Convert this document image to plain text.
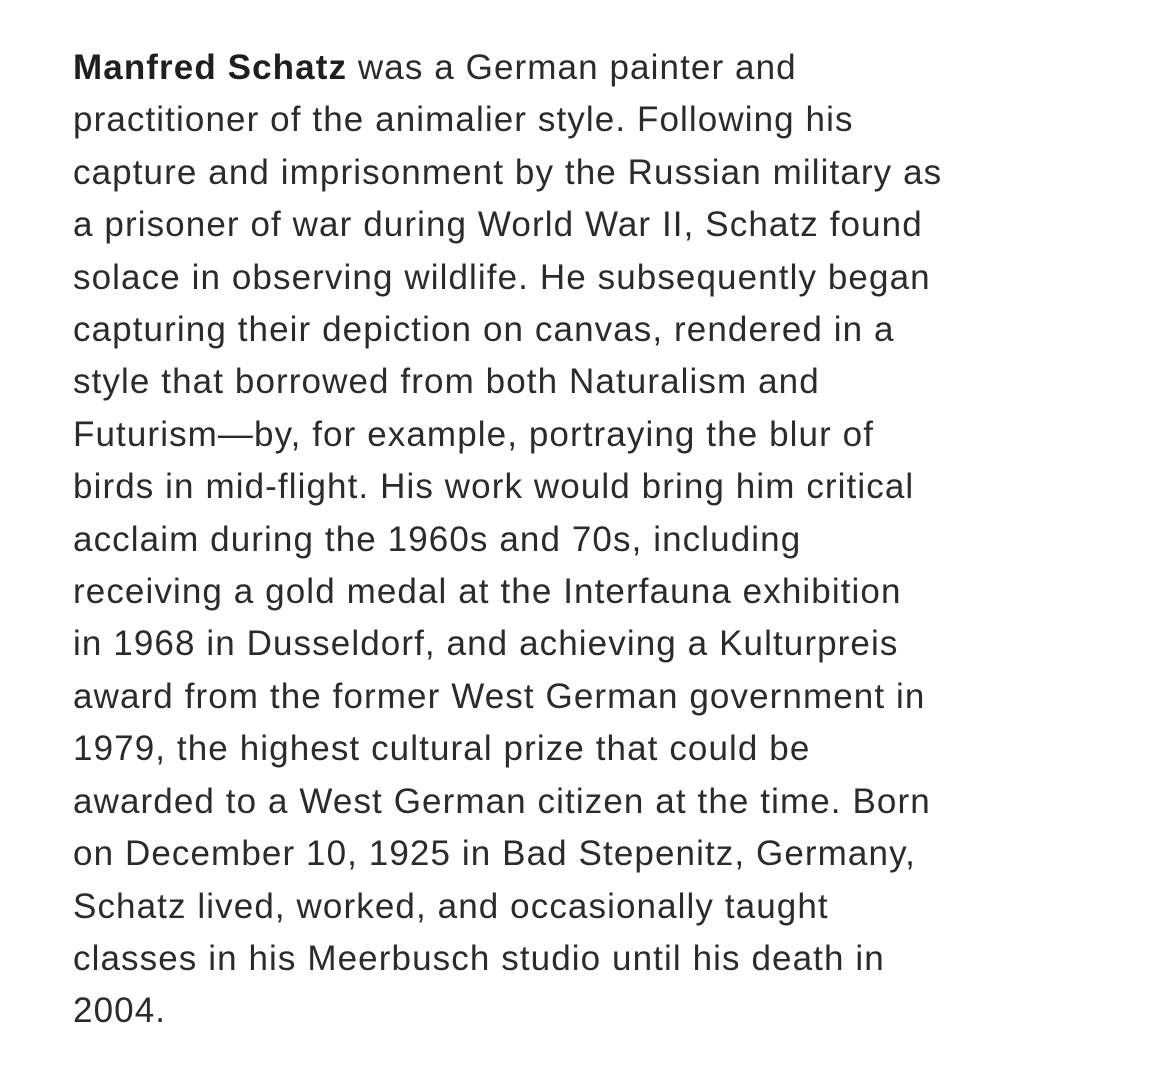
Manfred Schatz was a German painter and
practitioner of the animalier style. Following his
capture and imprisonment by the Russian military as
a prisoner of war during World War II, Schatz found
solace in observing wildlife. He subsequently began
capturing their depiction on canvas, rendered in a
style that borrowed from both Naturalism and
Futurism—by, for example, portraying the blur of
birds in mid-flight. His work would bring him critical
acclaim during the 1960s and 70s, including
receiving a gold medal at the Interfauna exhibition
in 1968 in Dusseldorf, and achieving a Kulturpreis
award from the former West German government in
1979, the highest cultural prize that could be
awarded to a West German citizen at the time. Born
on December 10, 1925 in Bad Stepenitz, Germany,
Schatz lived, worked, and occasionally taught
classes in his Meerbusch studio until his death in
2004.
